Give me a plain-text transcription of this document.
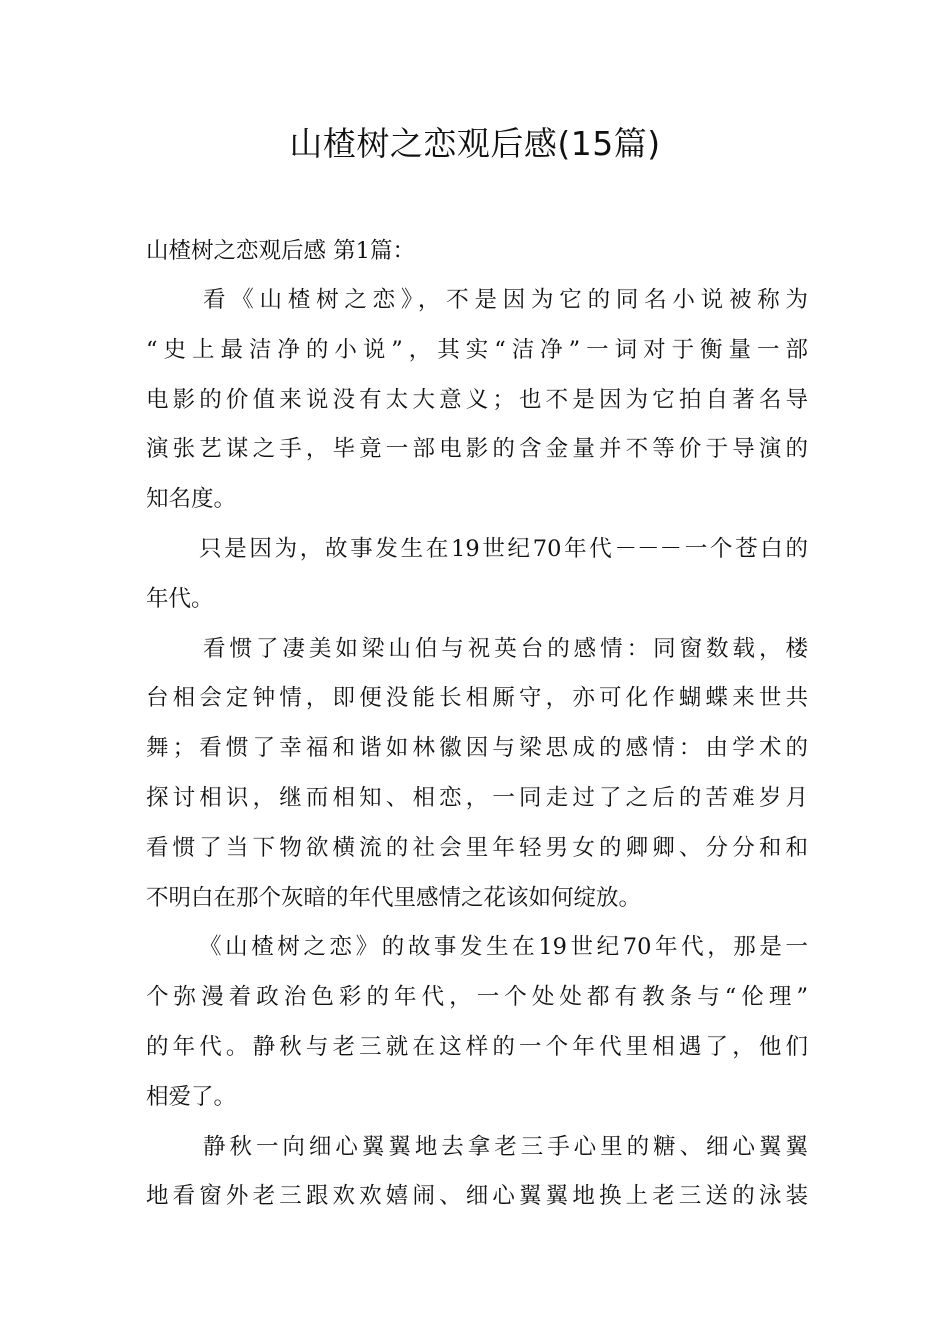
山楂树之恋观后感(15篇)
山楂树之恋观后感 第1篇：
看《山楂树之恋》，不是因为它的同名小说被称为
“史上最洁净的小说”，其实“洁净”一词对于衡量一部
电影的价值来说没有太大意义；也不是因为它拍自著名导
演张艺谋之手，毕竟一部电影的含金量并不等价于导演的
知名度。
只是因为，故事发生在19世纪70年代－－－一个苍白的
年代。
看惯了凄美如梁山伯与祝英台的感情：同窗数载，楼
台相会定钟情，即便没能长相厮守，亦可化作蝴蝶来世共
舞；看惯了幸福和谐如林徽因与梁思成的感情：由学术的
探讨相识，继而相知、相恋，一同走过了之后的苦难岁月
看惯了当下物欲横流的社会里年轻男女的卿卿、分分和和
不明白在那个灰暗的年代里感情之花该如何绽放。
《山楂树之恋》的故事发生在19世纪70年代，那是一
个弥漫着政治色彩的年代，一个处处都有教条与“伦理”
的年代。静秋与老三就在这样的一个年代里相遇了，他们
相爱了。
静秋一向细心翼翼地去拿老三手心里的糖、细心翼翼
地看窗外老三跟欢欢嬉闹、细心翼翼地换上老三送的泳装
